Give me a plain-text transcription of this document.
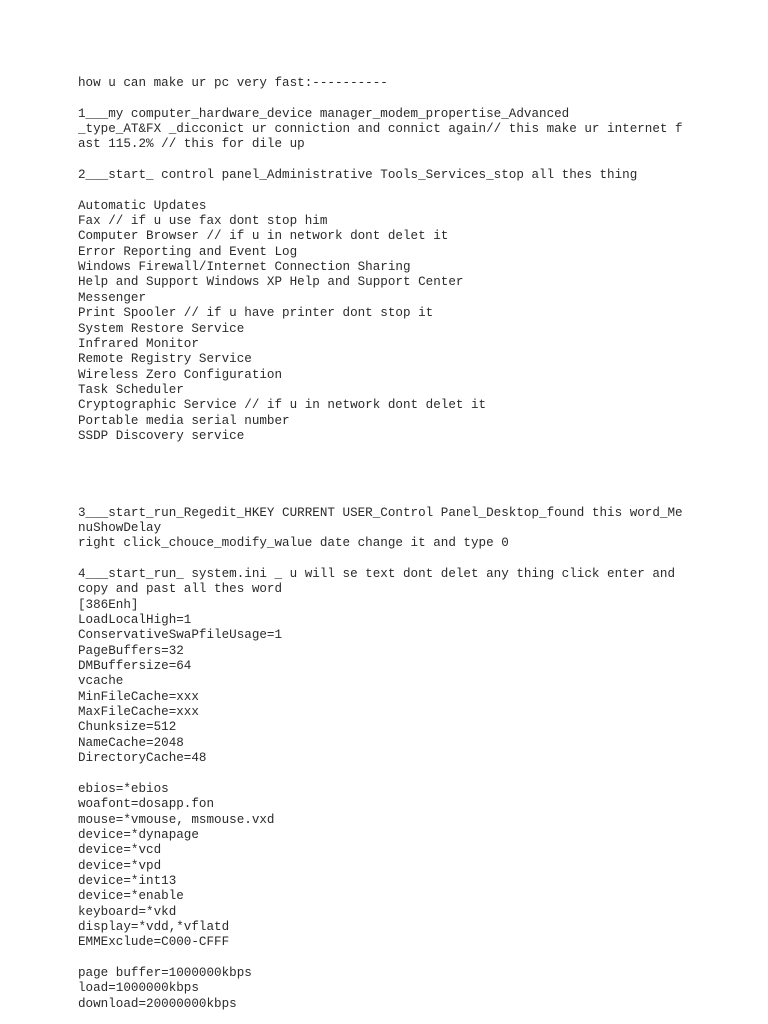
how u can make ur pc very fast:----------
1___my computer_hardware_device manager_modem_propertise_Advanced
_type_AT&FX _dicconict ur conniction and connict again// this make ur internet f
ast 115.2% // this for dile up
2___start_ control panel_Administrative Tools_Services_stop all thes thing
Automatic Updates
Fax // if u use fax dont stop him
Computer Browser // if u in network dont delet it
Error Reporting and Event Log
Windows Firewall/Internet Connection Sharing
Help and Support Windows XP Help and Support Center
Messenger
Print Spooler // if u have printer dont stop it
System Restore Service
Infrared Monitor
Remote Registry Service
Wireless Zero Configuration
Task Scheduler
Cryptographic Service // if u in network dont delet it
Portable media serial number
SSDP Discovery service
3___start_run_Regedit_HKEY CURRENT USER_Control Panel_Desktop_found this word_Me
nuShowDelay
right click_chouce_modify_walue date change it and type 0
4___start_run_ system.ini _ u will se text dont delet any thing click enter and
copy and past all thes word
[386Enh]
LoadLocalHigh=1
ConservativeSwaPfileUsage=1
PageBuffers=32
DMBuffersize=64
vcache
MinFileCache=xxx
MaxFileCache=xxx
Chunksize=512
NameCache=2048
DirectoryCache=48
ebios=*ebios
woafont=dosapp.fon
mouse=*vmouse, msmouse.vxd
device=*dynapage
device=*vcd
device=*vpd
device=*int13
device=*enable
keyboard=*vkd
display=*vdd,*vflatd
EMMExclude=C000-CFFF
page buffer=1000000kbps
load=1000000kbps
download=20000000kbps
